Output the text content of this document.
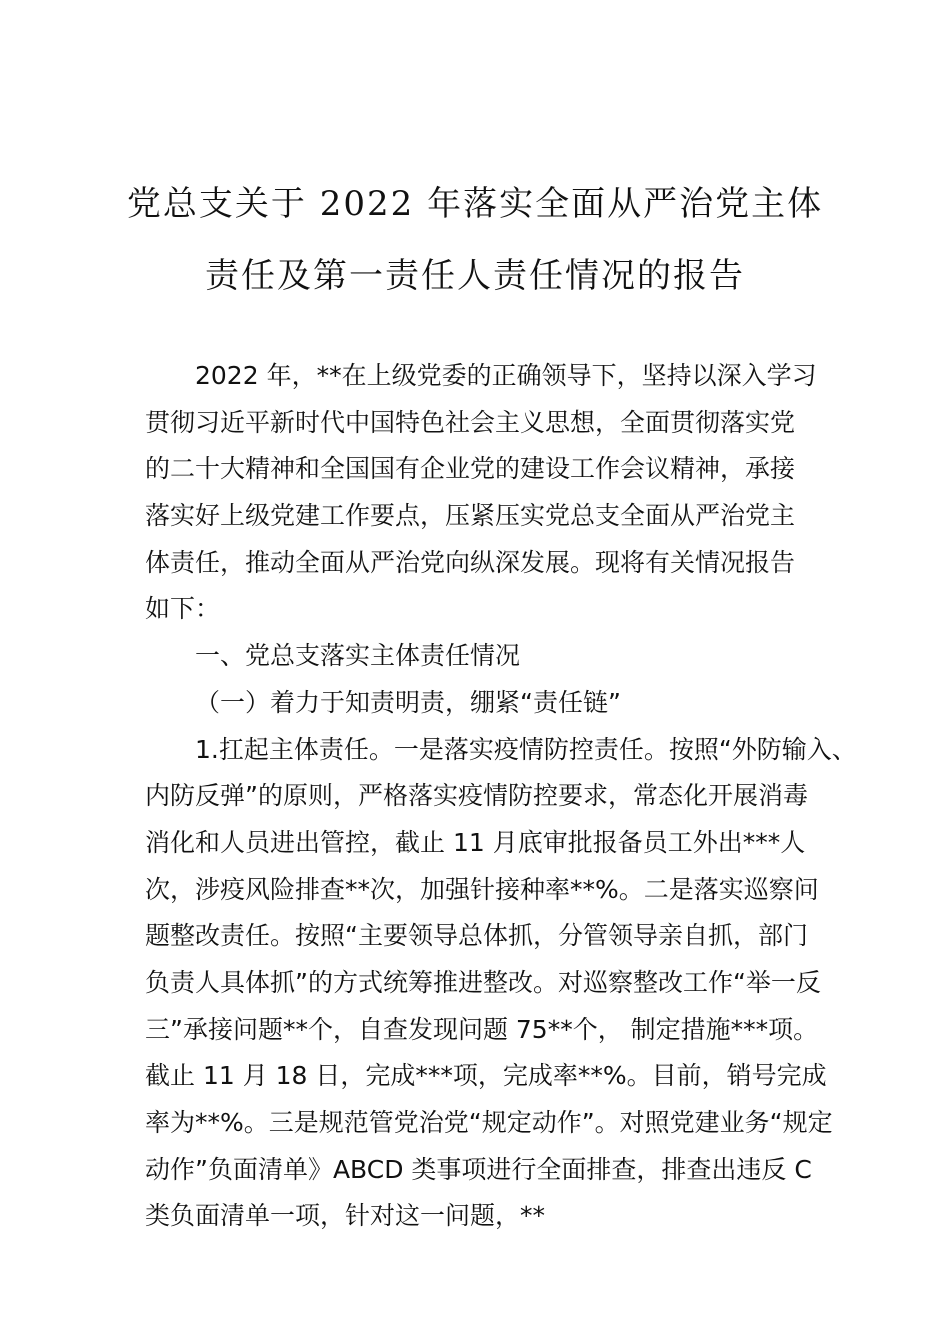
党总支关于 2022 年落实全面从严治党主体
责任及第一责任人责任情况的报告
2022 年，**在上级党委的正确领导下，坚持以深入学习
贯彻习近平新时代中国特色社会主义思想，全面贯彻落实党
的二十大精神和全国国有企业党的建设工作会议精神，承接
落实好上级党建工作要点，压紧压实党总支全面从严治党主
体责任，推动全面从严治党向纵深发展。现将有关情况报告
如下：
一、党总支落实主体责任情况
（一）着力于知责明责，绷紧“责任链”
1.扛起主体责任。一是落实疫情防控责任。按照“外防输入、
内防反弹”的原则，严格落实疫情防控要求，常态化开展消毒
消化和人员进出管控，截止 11 月底审批报备员工外出***人
次，涉疫风险排查**次，加强针接种率**%。二是落实巡察问
题整改责任。按照“主要领导总体抓，分管领导亲自抓，部门
负责人具体抓”的方式统筹推进整改。对巡察整改工作“举一反
三”承接问题**个，自查发现问题 75**个， 制定措施***项。
截止 11 月 18 日，完成***项，完成率**%。目前，销号完成
率为**%。三是规范管党治党“规定动作”。对照党建业务“规定
动作”负面清单》ABCD 类事项进行全面排查，排查出违反 C
类负面清单一项，针对这一问题，**
